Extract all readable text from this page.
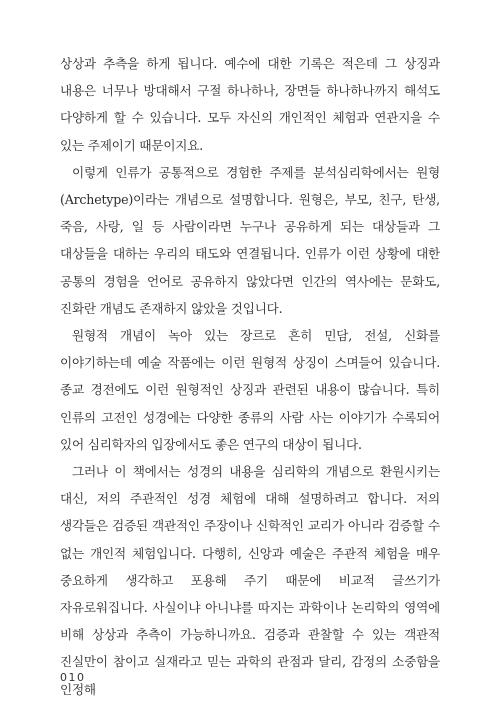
상상과 추측을 하게 됩니다. 예수에 대한 기록은 적은데 그 상징과 내용은 너무나 방대해서 구절 하나하나, 장면들 하나하나까지 해석도 다양하게 할 수 있습니다. 모두 자신의 개인적인 체험과 연관지을 수 있는 주제이기 때문이지요.

이렇게 인류가 공통적으로 경험한 주제를 분석심리학에서는 원형(Archetype)이라는 개념으로 설명합니다. 원형은, 부모, 친구, 탄생, 죽음, 사랑, 일 등 사람이라면 누구나 공유하게 되는 대상들과 그 대상들을 대하는 우리의 태도와 연결됩니다. 인류가 이런 상황에 대한 공통의 경험을 언어로 공유하지 않았다면 인간의 역사에는 문화도, 진화란 개념도 존재하지 않았을 것입니다.

원형적 개념이 녹아 있는 장르로 흔히 민담, 전설, 신화를 이야기하는데 예술 작품에는 이런 원형적 상징이 스며들어 있습니다. 종교 경전에도 이런 원형적인 상징과 관련된 내용이 많습니다. 특히 인류의 고전인 성경에는 다양한 종류의 사람 사는 이야기가 수록되어 있어 심리학자의 입장에서도 좋은 연구의 대상이 됩니다.

그러나 이 책에서는 성경의 내용을 심리학의 개념으로 환원시키는 대신, 저의 주관적인 성경 체험에 대해 설명하려고 합니다. 저의 생각들은 검증된 객관적인 주장이나 신학적인 교리가 아니라 검증할 수 없는 개인적 체험입니다. 다행히, 신앙과 예술은 주관적 체험을 매우 중요하게 생각하고 포용해 주기 때문에 비교적 글쓰기가 자유로워집니다. 사실이냐 아니냐를 따지는 과학이나 논리학의 영역에 비해 상상과 추측이 가능하니까요. 검증과 관찰할 수 있는 객관적 진실만이 참이고 실재라고 믿는 과학의 관점과 달리, 감정의 소중함을 인정해

010
